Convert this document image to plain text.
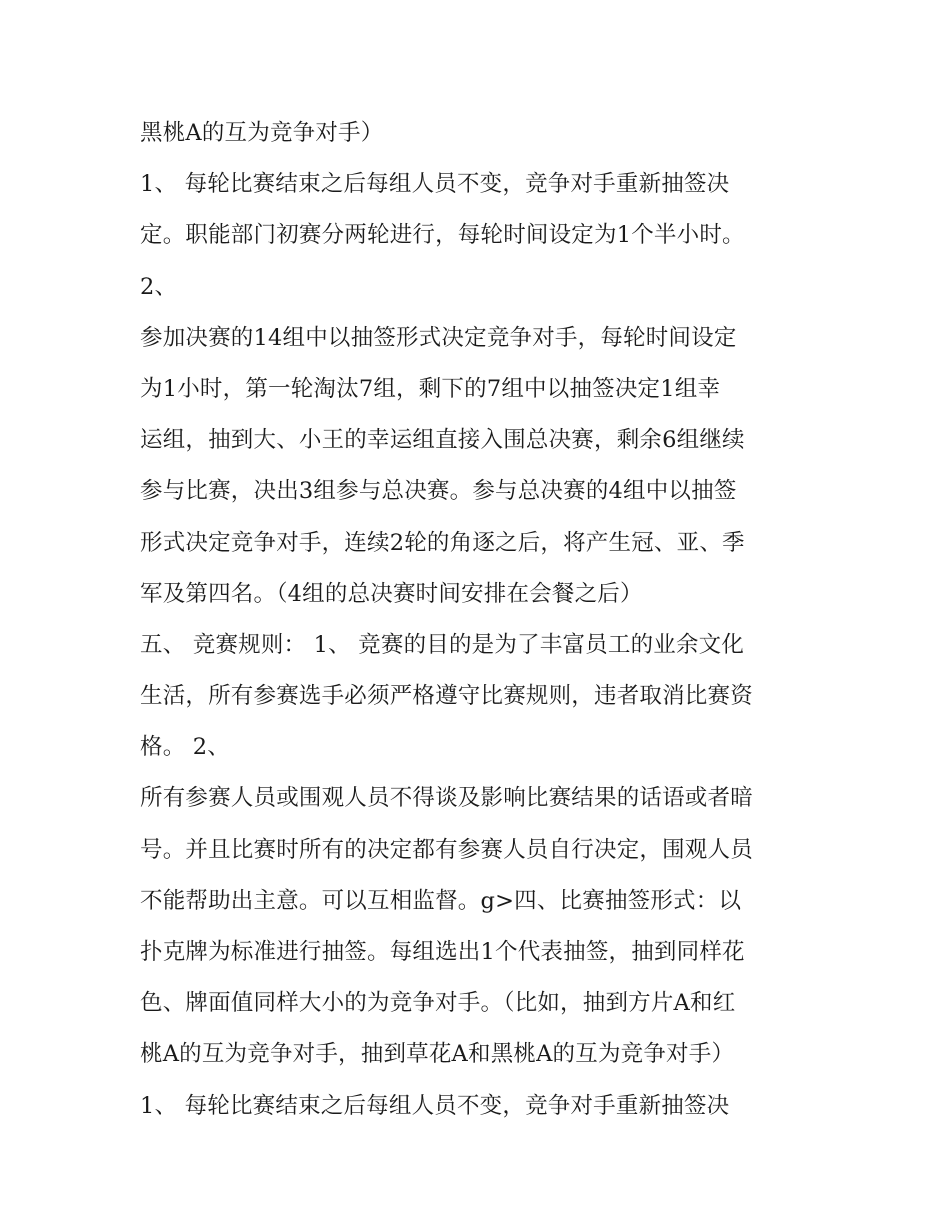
黑桃A的互为竞争对手）
1、 每轮比赛结束之后每组人员不变，竞争对手重新抽签决
定。职能部门初赛分两轮进行，每轮时间设定为1个半小时。
2、
参加决赛的14组中以抽签形式决定竞争对手，每轮时间设定
为1小时，第一轮淘汰7组，剩下的7组中以抽签决定1组幸
运组，抽到大、小王的幸运组直接入围总决赛，剩余6组继续
参与比赛，决出3组参与总决赛。参与总决赛的4组中以抽签
形式决定竞争对手，连续2轮的角逐之后，将产生冠、亚、季
军及第四名。（4组的总决赛时间安排在会餐之后）
五、 竞赛规则： 1、 竞赛的目的是为了丰富员工的业余文化
生活，所有参赛选手必须严格遵守比赛规则，违者取消比赛资
格。 2、
所有参赛人员或围观人员不得谈及影响比赛结果的话语或者暗
号。并且比赛时所有的决定都有参赛人员自行决定，围观人员
不能帮助出主意。可以互相监督。g>四、比赛抽签形式：以
扑克牌为标准进行抽签。每组选出1个代表抽签，抽到同样花
色、牌面值同样大小的为竞争对手。（比如，抽到方片A和红
桃A的互为竞争对手，抽到草花A和黑桃A的互为竞争对手）
1、 每轮比赛结束之后每组人员不变，竞争对手重新抽签决
